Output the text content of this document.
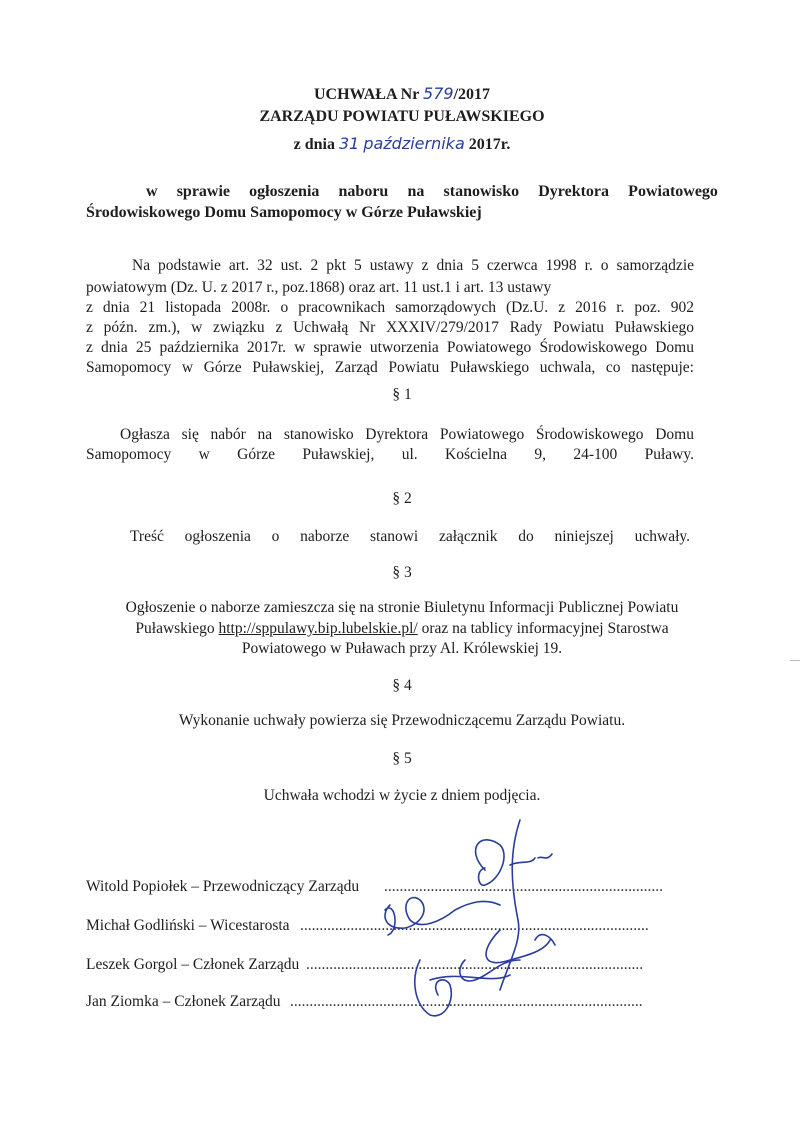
UCHWAŁA Nr 579/2017
ZARZĄDU POWIATU PUŁAWSKIEGO
z dnia 31 października 2017r.
w sprawie ogłoszenia naboru na stanowisko Dyrektora Powiatowego
Środowiskowego Domu Samopomocy w Górze Puławskiej
Na podstawie art. 32 ust. 2 pkt 5 ustawy z dnia 5 czerwca 1998 r. o samorządzie
powiatowym (Dz. U. z 2017 r., poz.1868) oraz art. 11 ust.1 i art. 13 ustawy
z dnia 21 listopada 2008r. o pracownikach samorządowych (Dz.U. z 2016 r. poz. 902
z późn. zm.), w związku z Uchwałą Nr XXXIV/279/2017 Rady Powiatu Puławskiego
z dnia 25 października 2017r. w sprawie utworzenia Powiatowego Środowiskowego Domu
Samopomocy w Górze Puławskiej, Zarząd Powiatu Puławskiego uchwala, co następuje:
§ 1
Ogłasza się nabór na stanowisko Dyrektora Powiatowego Środowiskowego Domu
Samopomocy w Górze Puławskiej, ul. Kościelna 9, 24-100 Puławy.
§ 2
Treść ogłoszenia o naborze stanowi załącznik do niniejszej uchwały.
§ 3
Ogłoszenie o naborze zamieszcza się na stronie Biuletynu Informacji Publicznej Powiatu
Puławskiego http://sppulawy.bip.lubelskie.pl/ oraz na tablicy informacyjnej Starostwa
Powiatowego w Puławach przy Al. Królewskiej 19.
§ 4
Wykonanie uchwały powierza się Przewodniczącemu Zarządu Powiatu.
§ 5
Uchwała wchodzi w życie z dniem podjęcia.
Witold Popiołek – Przewodniczący Zarządu ........................................................................
Michał Godliński – Wicestarosta ..........................................................................................
Leszek Gorgol – Członek Zarządu .......................................................................................
Jan Ziomka – Członek Zarządu ...........................................................................................
